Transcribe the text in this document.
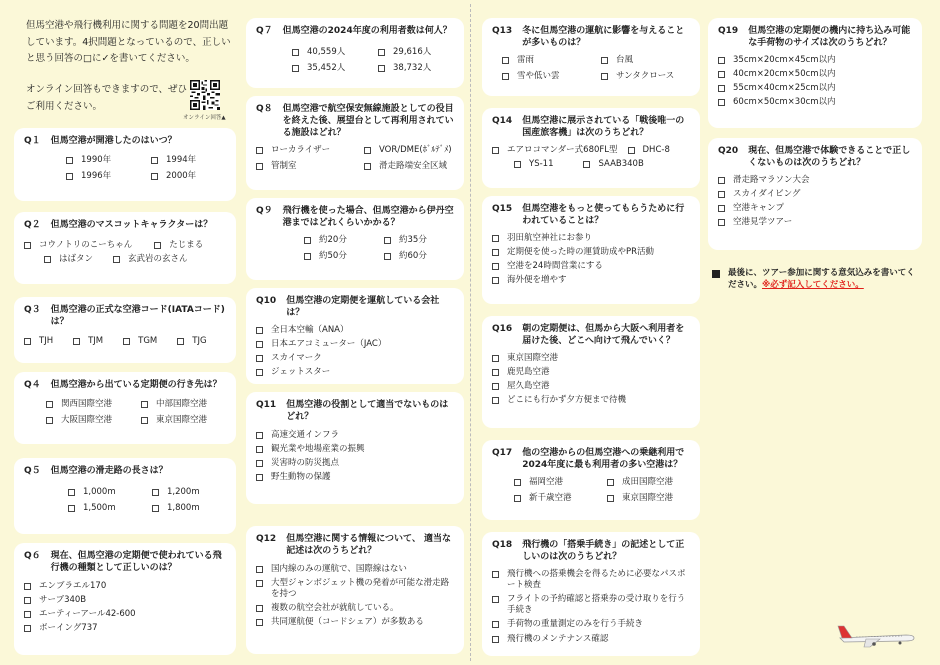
但馬空港や飛行機利用に関する問題を20問出題しています。4択問題となっているので、正しいと思う回答の□に✓を書いてください。
オンライン回答もできますので、ぜひご利用ください。
オンライン回答▲
Q１ 但馬空港が開港したのはいつ？
1990年	1994年
1996年	2000年
Q２ 但馬空港のマスコットキャラクターは？
コウノトリのこーちゃん	たじまる
はばタン	玄武岩の玄さん
Q３ 但馬空港の正式な空港コード(IATAコード)は？
TJH	TJM	TGM	TJG
Q４ 但馬空港から出ている定期便の行き先は？
関西国際空港	中部国際空港
大阪国際空港	東京国際空港
Q５ 但馬空港の滑走路の長さは？
1,000m	1,200m
1,500m	1,800m
Q６ 現在、但馬空港の定期便で使われている飛行機の種類として正しいのは？
エンブラエル170
サーブ340B
エーティーアール42-600
ボーイング737
Q７ 但馬空港の2024年度の利用者数は何人？
40,559人	29,616人
35,452人	38,732人
Q８ 但馬空港で航空保安無線施設としての役目を終えた後、展望台として再利用されている施設はどれ？
ローカライザー	VOR/DME(ﾎﾞﾙﾃﾞﾒ)
管制室	滑走路端安全区域
Q９ 飛行機を使った場合、但馬空港から伊丹空港まではどれくらいかかる？
約20分	約35分
約50分	約60分
Q10 但馬空港の定期便を運航している会社は？
全日本空輸（ANA）
日本エアコミューター（JAC）
スカイマーク
ジェットスター
Q11 但馬空港の役割として適当でないものはどれ？
高速交通インフラ
観光業や地場産業の振興
災害時の防災拠点
野生動物の保護
Q12 但馬空港に関する情報について、 適当な記述は次のうちどれ？
国内線のみの運航で、国際線はない
大型ジャンボジェット機の発着が可能な滑走路を持つ
複数の航空会社が就航している。
共同運航便（コードシェア）が多数ある
Q13 冬に但馬空港の運航に影響を与えることが多いものは？
雷雨	台風
雪や低い雲	サンタクロース
Q14 但馬空港に展示されている「戦後唯一の国産旅客機」は次のうちどれ？
エアロコマンダー式680FL型	DHC-8
YS-11	SAAB340B
Q15 但馬空港をもっと使ってもらうために行われていることは？
羽田航空神社にお参り
定期便を使った時の運賃助成やPR活動
空港を24時間営業にする
海外便を増やす
Q16 朝の定期便は、但馬から大阪へ利用者を届けた後、どこへ向けて飛んでいく？
東京国際空港
鹿児島空港
屋久島空港
どこにも行かず夕方便まで待機
Q17 他の空港からの但馬空港への乗継利用で2024年度に最も利用者の多い空港は？
福岡空港	成田国際空港
新千歳空港	東京国際空港
Q18 飛行機の「搭乗手続き」の記述として正しいのは次のうちどれ？
飛行機への搭乗機会を得るために必要なパスポート検査
フライトの予約確認と搭乗券の受け取りを行う手続き
手荷物の重量測定のみを行う手続き
飛行機のメンテナンス確認
Q19 但馬空港の定期便の機内に持ち込み可能な手荷物のサイズは次のうちどれ？
35cm×20cm×45cm以内
40cm×20cm×50cm以内
55cm×40cm×25cm以内
60cm×50cm×30cm以内
Q20 現在、但馬空港で体験できることで正しくないものは次のうちどれ？
滑走路マラソン大会
スカイダイビング
空港キャンプ
空港見学ツアー
最後に、ツアー参加に関する意気込みを書いてください。※必ず記入してください。
